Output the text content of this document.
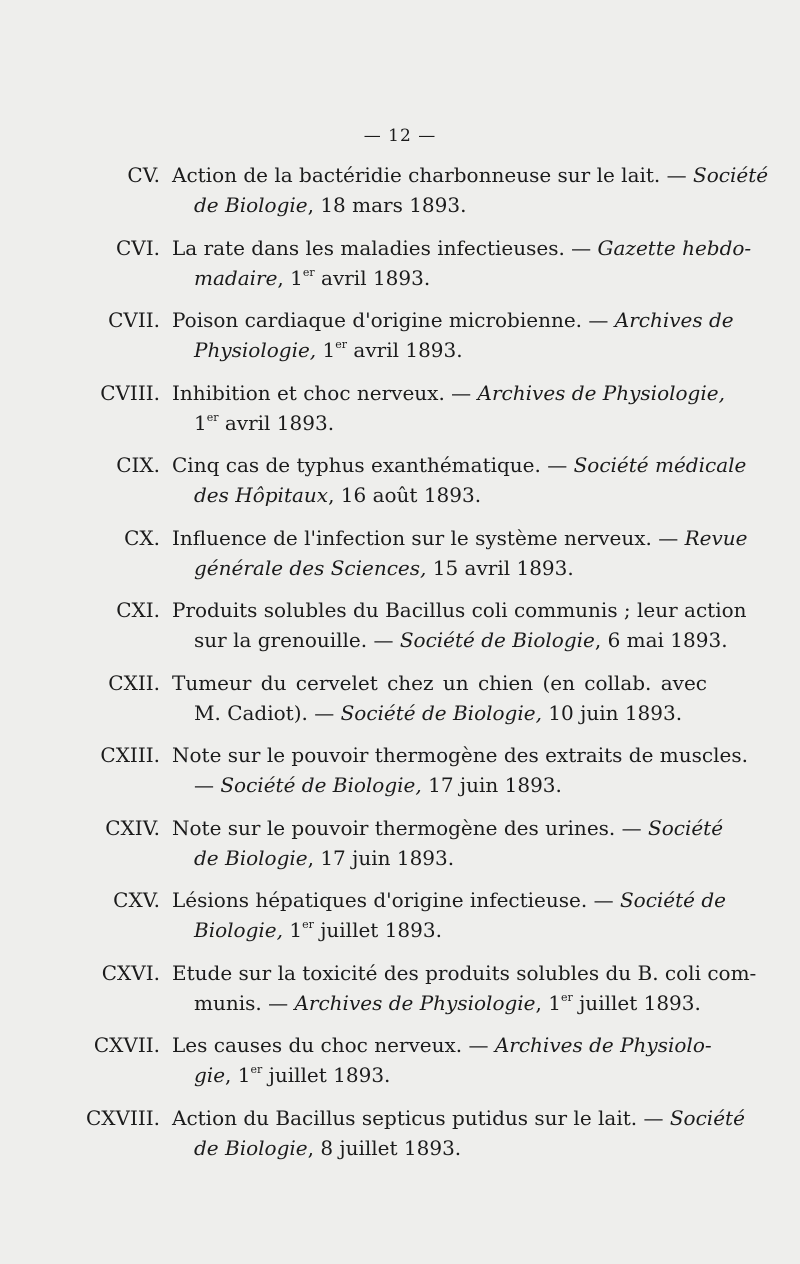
— 12 —
CV. Action de la bactéridie charbonneuse sur le lait. — Société
de Biologie, 18 mars 1893.
CVI. La rate dans les maladies infectieuses. — Gazette hebdo-
madaire, 1er avril 1893.
CVII. Poison cardiaque d'origine microbienne. — Archives de
Physiologie, 1er avril 1893.
CVIII. Inhibition et choc nerveux. — Archives de Physiologie,
1er avril 1893.
CIX. Cinq cas de typhus exanthématique. — Société médicale
des Hôpitaux, 16 août 1893.
CX. Influence de l'infection sur le système nerveux. — Revue
générale des Sciences, 15 avril 1893.
CXI. Produits solubles du Bacillus coli communis ; leur action
sur la grenouille. — Société de Biologie, 6 mai 1893.
CXII. Tumeur du cervelet chez un chien (en collab. avec
M. Cadiot). — Société de Biologie, 10 juin 1893.
CXIII. Note sur le pouvoir thermogène des extraits de muscles.
— Société de Biologie, 17 juin 1893.
CXIV. Note sur le pouvoir thermogène des urines. — Société
de Biologie, 17 juin 1893.
CXV. Lésions hépatiques d'origine infectieuse. — Société de
Biologie, 1er juillet 1893.
CXVI. Etude sur la toxicité des produits solubles du B. coli com-
munis. — Archives de Physiologie, 1er juillet 1893.
CXVII. Les causes du choc nerveux. — Archives de Physiolo-
gie, 1er juillet 1893.
CXVIII. Action du Bacillus septicus putidus sur le lait. — Société
de Biologie, 8 juillet 1893.
